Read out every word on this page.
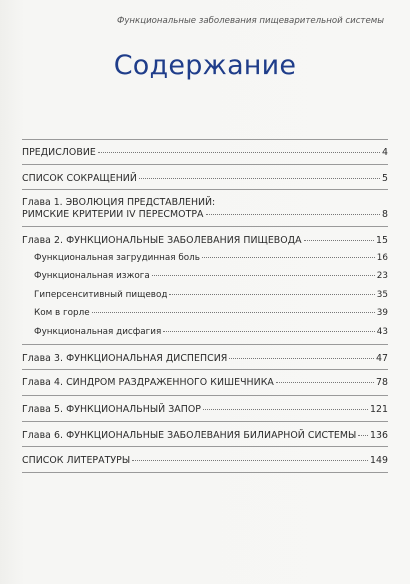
Функциональные заболевания пищеварительной системы
Содержание
ПРЕДИСЛОВИЕ	4
СПИСОК СОКРАЩЕНИЙ	5
Глава 1. ЭВОЛЮЦИЯ ПРЕДСТАВЛЕНИЙ:
РИМСКИЕ КРИТЕРИИ IV ПЕРЕСМОТРА	8
Глава 2. ФУНКЦИОНАЛЬНЫЕ ЗАБОЛЕВАНИЯ ПИЩЕВОДА	15
Функциональная загрудинная боль	16
Функциональная изжога	23
Гиперсенситивный пищевод	35
Ком в горле	39
Функциональная дисфагия	43
Глава 3. ФУНКЦИОНАЛЬНАЯ ДИСПЕПСИЯ	47
Глава 4. СИНДРОМ РАЗДРАЖЕННОГО КИШЕЧНИКА	78
Глава 5. ФУНКЦИОНАЛЬНЫЙ ЗАПОР	121
Глава 6. ФУНКЦИОНАЛЬНЫЕ ЗАБОЛЕВАНИЯ БИЛИАРНОЙ СИСТЕМЫ 136
СПИСОК ЛИТЕРАТУРЫ	149
